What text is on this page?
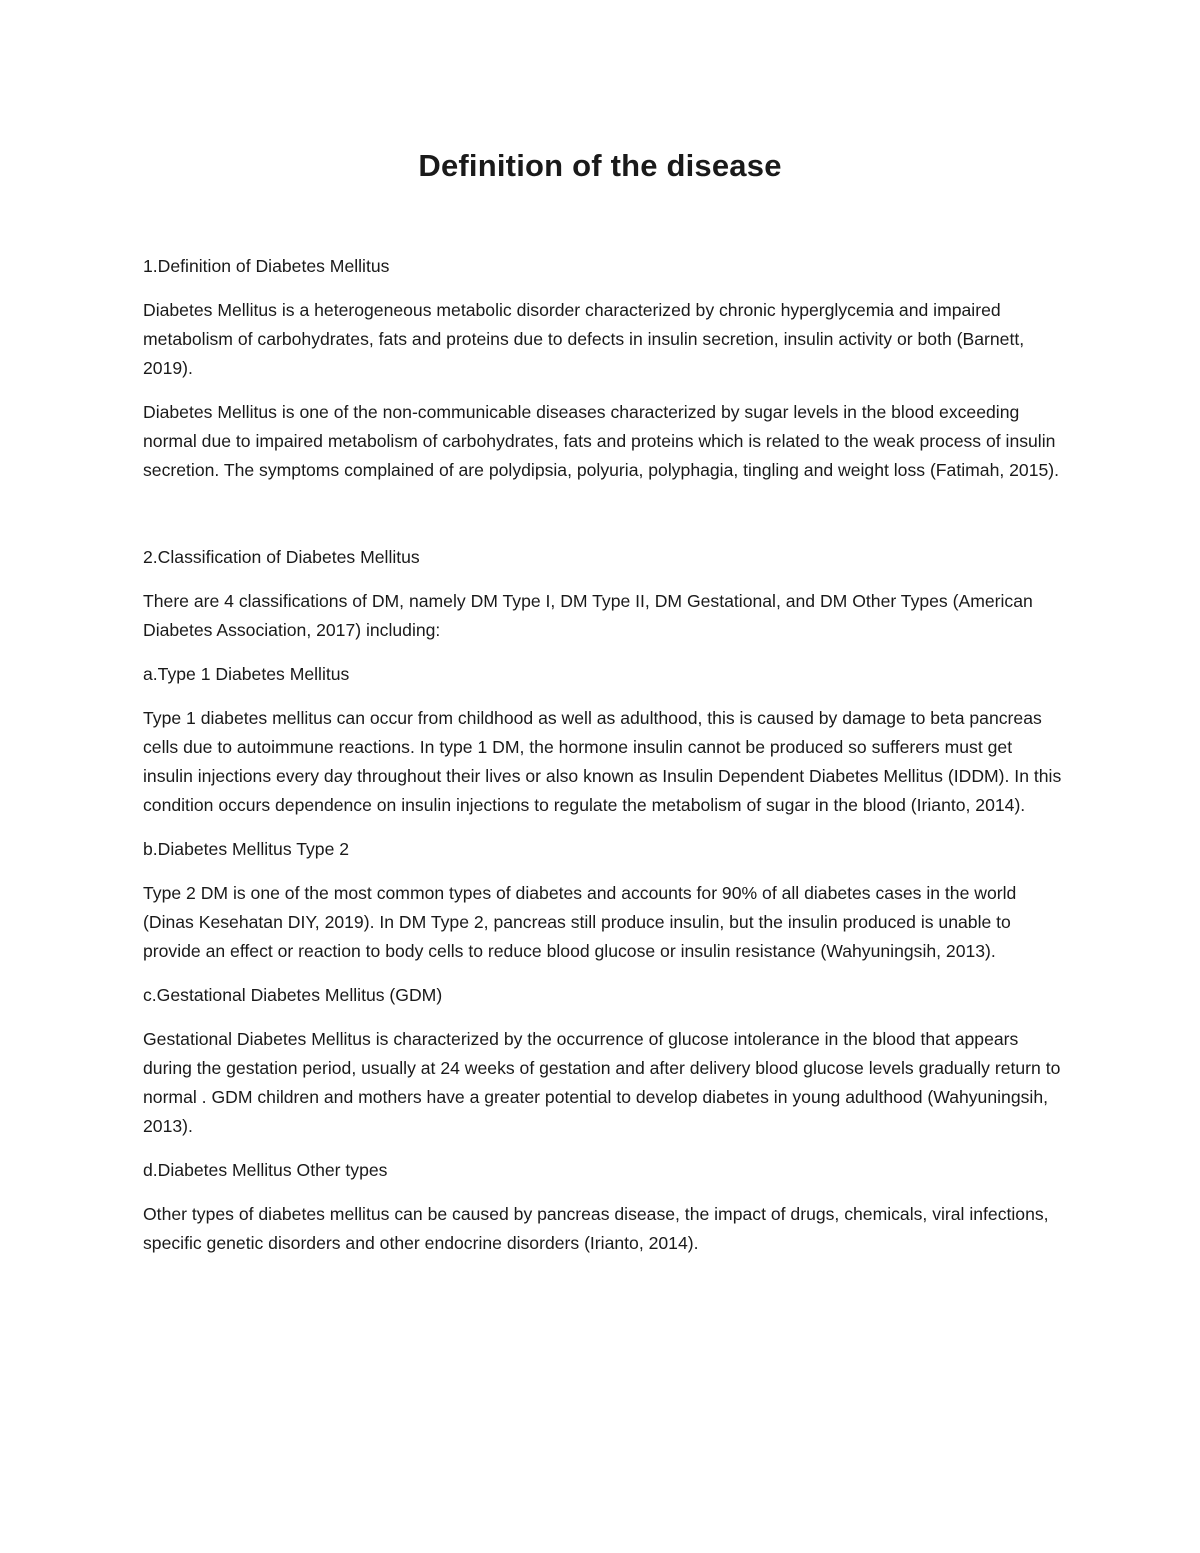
Definition of the disease

1.Definition of Diabetes Mellitus

Diabetes Mellitus is a heterogeneous metabolic disorder characterized by chronic hyperglycemia and impaired metabolism of carbohydrates, fats and proteins due to defects in insulin secretion, insulin activity or both (Barnett, 2019).

Diabetes Mellitus is one of the non-communicable diseases characterized by sugar levels in the blood exceeding normal due to impaired metabolism of carbohydrates, fats and proteins which is related to the weak process of insulin secretion. The symptoms complained of are polydipsia, polyuria, polyphagia, tingling and weight loss (Fatimah, 2015).

2.Classification of Diabetes Mellitus

There are 4 classifications of DM, namely DM Type I, DM Type II, DM Gestational, and DM Other Types (American Diabetes Association, 2017) including:

a.Type 1 Diabetes Mellitus

Type 1 diabetes mellitus can occur from childhood as well as adulthood, this is caused by damage to beta pancreas cells due to autoimmune reactions. In type 1 DM, the hormone insulin cannot be produced so sufferers must get insulin injections every day throughout their lives or also known as Insulin Dependent Diabetes Mellitus (IDDM). In this condition occurs dependence on insulin injections to regulate the metabolism of sugar in the blood (Irianto, 2014).

b.Diabetes Mellitus Type 2

Type 2 DM is one of the most common types of diabetes and accounts for 90% of all diabetes cases in the world (Dinas Kesehatan DIY, 2019). In DM Type 2, pancreas still produce insulin, but the insulin produced is unable to provide an effect or reaction to body cells to reduce blood glucose or insulin resistance (Wahyuningsih, 2013).

c.Gestational Diabetes Mellitus (GDM)

Gestational Diabetes Mellitus is characterized by the occurrence of glucose intolerance in the blood that appears during the gestation period, usually at 24 weeks of gestation and after delivery blood glucose levels gradually return to normal . GDM children and mothers have a greater potential to develop diabetes in young adulthood (Wahyuningsih, 2013).

d.Diabetes Mellitus Other types

Other types of diabetes mellitus can be caused by pancreas disease, the impact of drugs, chemicals, viral infections, specific genetic disorders and other endocrine disorders (Irianto, 2014).
